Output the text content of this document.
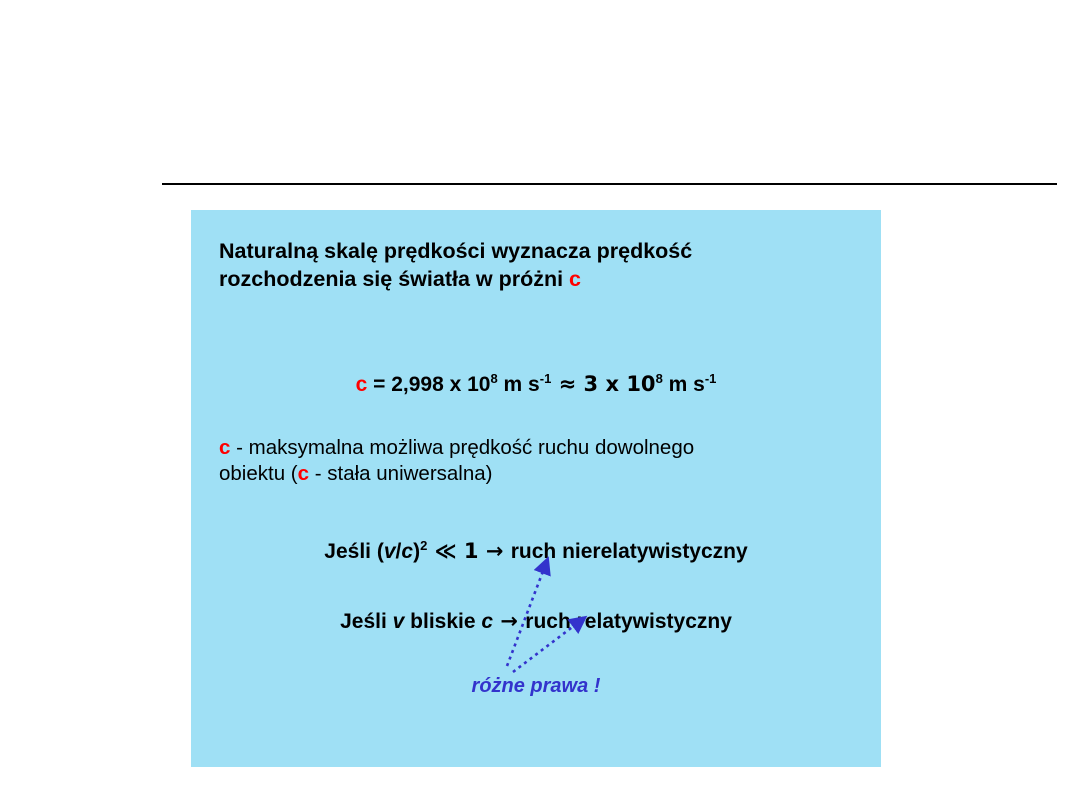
Naturalną skalę prędkości wyznacza prędkość
rozchodzenia się światła w próżni c
c = 2,998 x $10^8$ m $s^{-1} \approx 3$ x $10^8$ m $s^{-1}$
c - maksymalna możliwa prędkość ruchu dowolnego
obiektu (c - stała uniwersalna)
Jeśli $(v/c)^2$ ≪ 1 → ruch nierelatywistyczny
Jeśli v bliskie c → ruch relatywistyczny
różne prawa !
